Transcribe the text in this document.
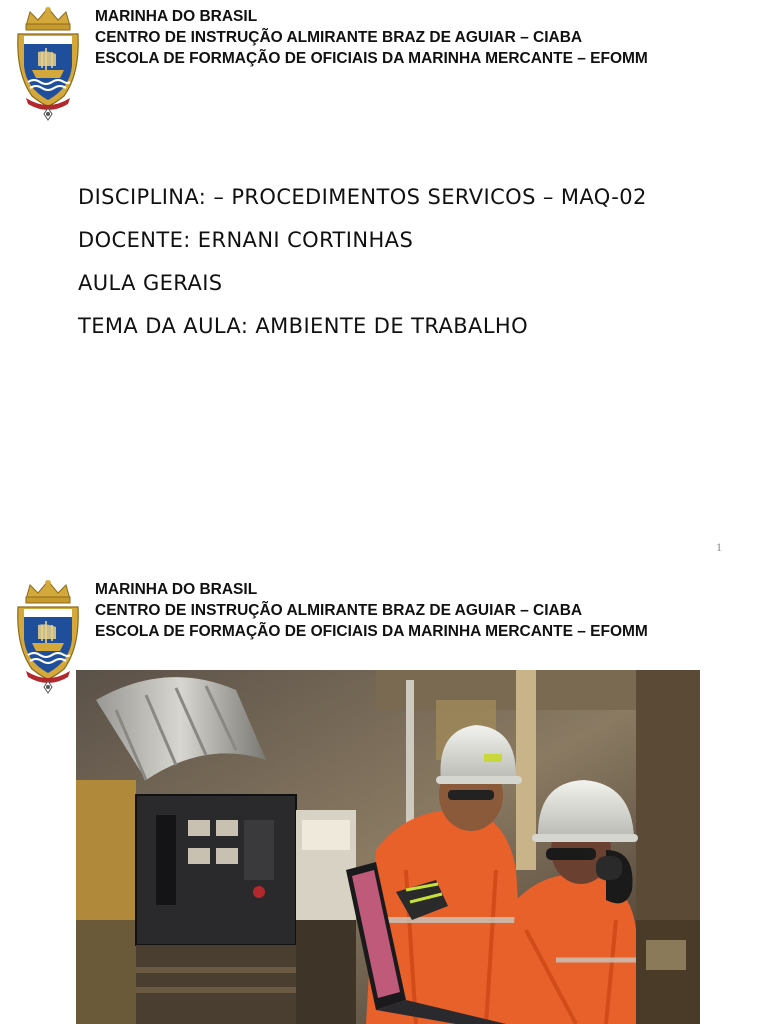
MARINHA DO BRASIL
CENTRO DE INSTRUÇÃO ALMIRANTE BRAZ DE AGUIAR – CIABA
ESCOLA DE FORMAÇÃO DE OFICIAIS DA MARINHA MERCANTE – EFOMM
DISCIPLINA: – PROCEDIMENTOS SERVICOS – MAQ-02
DOCENTE: ERNANI CORTINHAS
AULA GERAIS
TEMA DA AULA: AMBIENTE DE TRABALHO
1
MARINHA DO BRASIL
CENTRO DE INSTRUÇÃO ALMIRANTE BRAZ DE AGUIAR – CIABA
ESCOLA DE FORMAÇÃO DE OFICIAIS DA MARINHA MERCANTE – EFOMM
